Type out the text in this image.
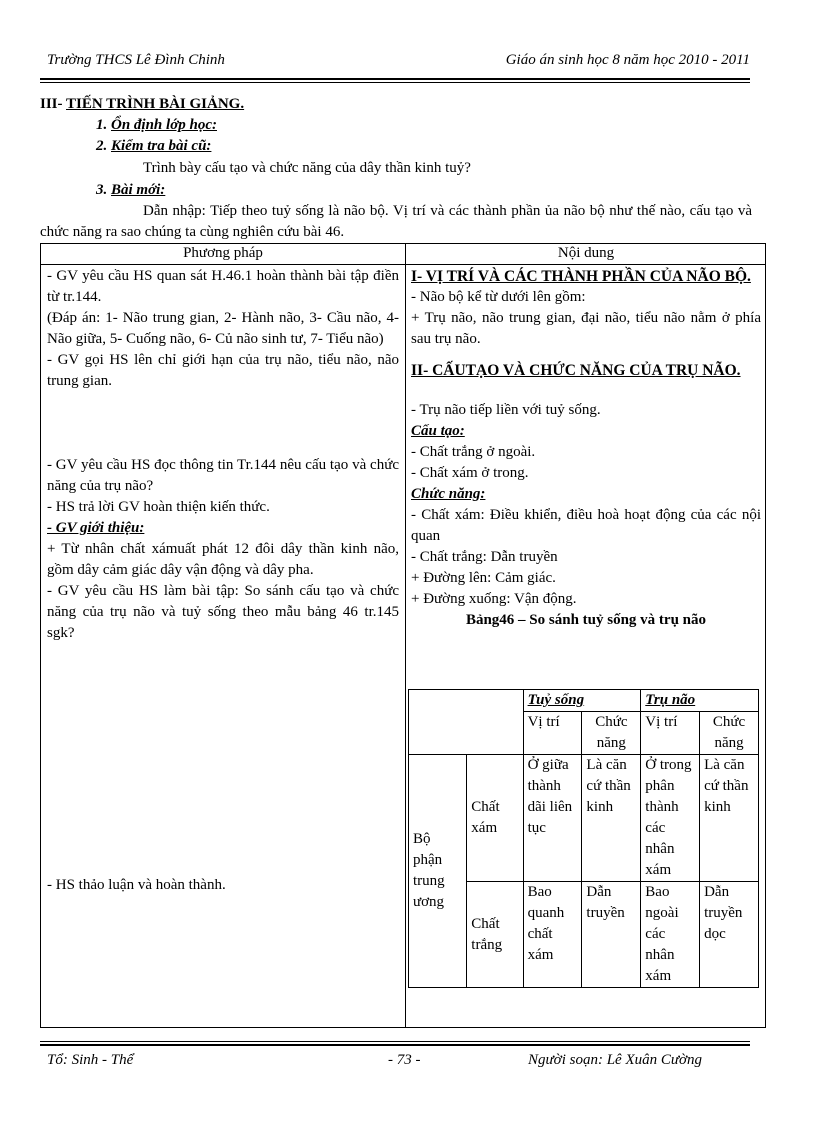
Trường THCS Lê Đình Chinh	Giáo án sinh học 8 năm học 2010 - 2011
III- TIẾN TRÌNH BÀI GIẢNG.
1. Ổn định lớp học:
2. Kiểm tra bài cũ:
Trình bày cấu tạo và chức năng của dây thần kinh tuỷ?
3. Bài mới:
Dẫn nhập: Tiếp theo tuỷ sống là não bộ. Vị trí và các thành phần ủa não bộ như thế nào, cấu tạo và chức năng ra sao chúng ta cùng nghiên cứu bài 46.
Phương pháp	Nội dung

- GV yêu cầu HS quan sát H.46.1 hoàn thành bài tập điền từ tr.144.

(Đáp án: 1- Não trung gian, 2- Hành não, 3- Cầu não, 4- Não giữa, 5- Cuống não, 6- Củ não sinh tư, 7- Tiểu não)

- GV gọi HS lên chỉ giới hạn của trụ não, tiểu não, não trung gian.

- GV yêu cầu HS đọc thông tin Tr.144 nêu cấu tạo và chức năng của trụ não?

- HS trả lời GV hoàn thiện kiến thức.

- GV giới thiệu:

+ Từ nhân chất xámuất phát 12 đôi dây thần kinh não, gồm dây cảm giác dây vận động và dây pha.

- GV yêu cầu HS làm bài tập: So sánh cấu tạo và chức năng của trụ não và tuỷ sống theo mẫu bảng 46 tr.145 sgk?

- HS thảo luận và hoàn thành.

I- VỊ TRÍ VÀ CÁC THÀNH PHẦN CỦA NÃO BỘ.

- Não bộ kể từ dưới lên gồm:

+ Trụ não, não trung gian, đại não, tiểu não nằm ở phía sau trụ não.

II- CẤUTẠO VÀ CHỨC NĂNG CỦA TRỤ NÃO.

- Trụ não tiếp liền với tuỷ sống.

Cấu tạo:

- Chất trắng ở ngoài.

- Chất xám ở trong.

Chức năng:

- Chất xám: Điều khiển, điều hoà hoạt động của các nội quan

- Chất trắng: Dẫn truyền

+ Đường lên: Cảm giác.

+ Đường xuống: Vận động.

Bảng46 – So sánh tuỷ sống và trụ não

		Tuỷ sống		Trụ não	
		Vị trí	Chức năng	Vị trí	Chức năng
Bộ phận trung ương	Chất xám	Ở giữa thành dãi liên tục	Là căn cứ thần kinh	Ở trong phân thành các nhân xám	Là căn cứ thần kinh
	Chất trắng	Bao quanh chất xám	Dẫn truyền	Bao ngoài các nhân xám	Dẫn truyền dọc
Tổ: Sinh - Thể	- 73 -	Người soạn: Lê Xuân Cường
